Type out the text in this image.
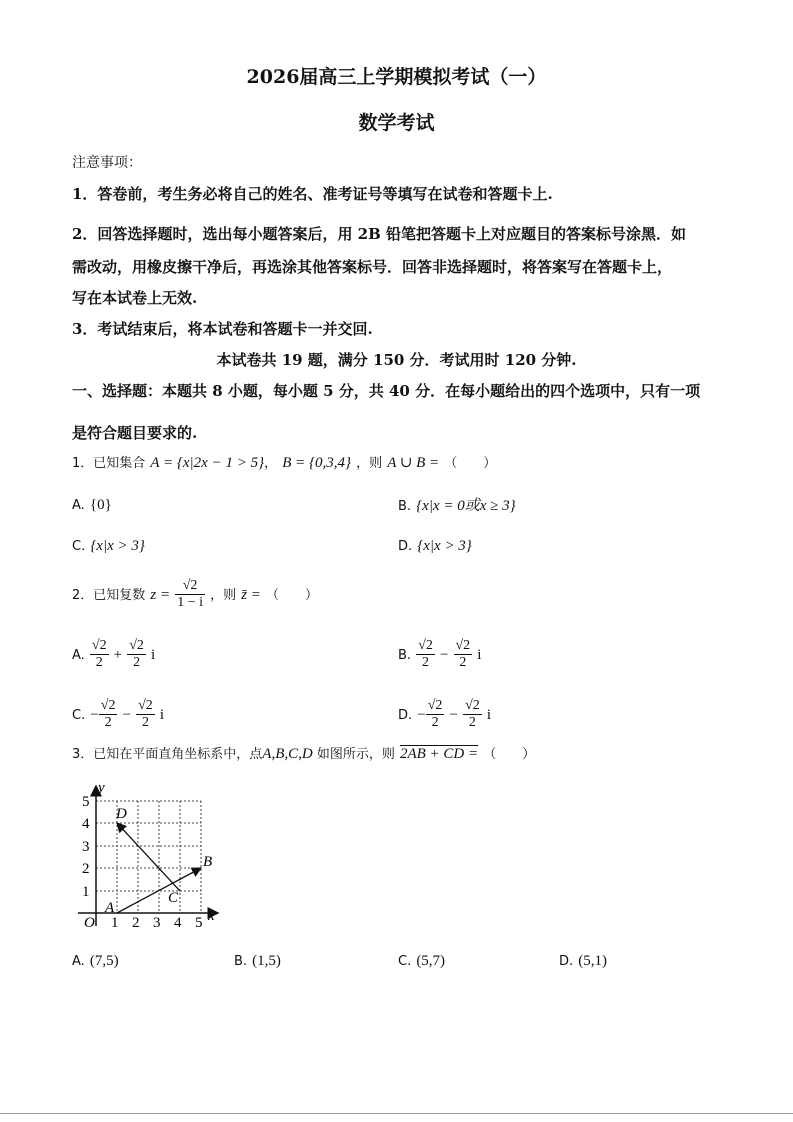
2026届高三上学期模拟考试（一）
数学考试
注意事项：
1．答卷前，考生务必将自己的姓名、准考证号等填写在试卷和答题卡上.
2．回答选择题时，选出每小题答案后，用 2B 铅笔把答题卡上对应题目的答案标号涂黑．如
需改动，用橡皮擦干净后，再选涂其他答案标号．回答非选择题时，将答案写在答题卡上，
写在本试卷上无效.
3．考试结束后，将本试卷和答题卡一并交回.
本试卷共 19 题，满分 150 分．考试用时 120 分钟.
一、选择题：本题共 8 小题，每小题 5 分，共 40 分．在每小题给出的四个选项中，只有一项
是符合题目要求的.
1．已知集合 A = {x|2x − 1 > 5}， B = {0,3,4} ，则 A ∪ B = （　　）
A. {0}	B. {x|x = 0或x ≥ 3}
C. {x|x > 3}	D. {x|x > 3}
2．已知复数 $z = \frac{√2}{1 - i}$ ，则 z̄ = （　　）
A. $\frac{√2}{2} + \frac{√2}{2}$ i	B. $\frac{√2}{2} - \frac{√2}{2}$ i
C. − $\frac{√2}{2} - \frac{√2}{2}$ i	D. − $\frac{√2}{2} - \frac{√2}{2}$ i
3．已知在平面直角坐标系中，点A,B,C,D 如图所示，则 2AB + CD = （　　）
1 2 3 4 5
1
2
3
4
5
O	x
y
A
B
C
D
A. (7,5)	B. (1,5)	C. (5,7)	D. (5,1)
